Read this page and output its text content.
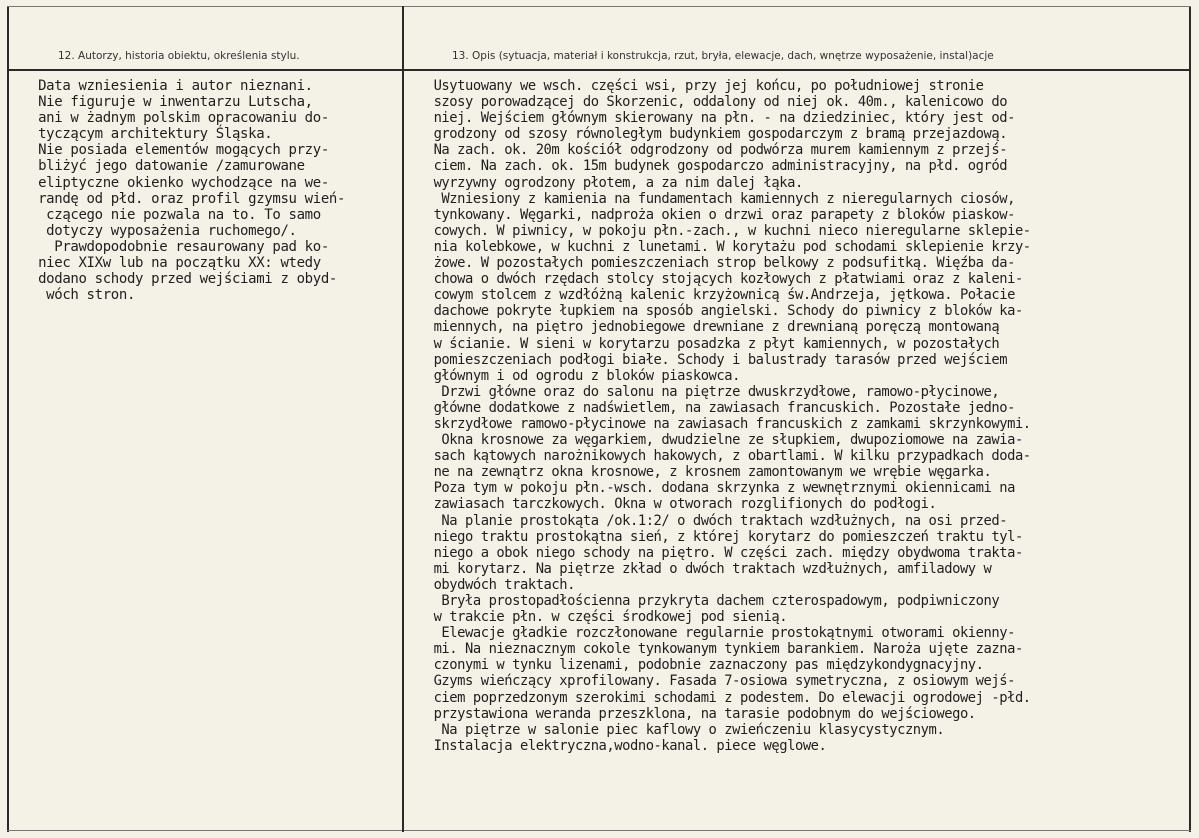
12. Autorzy, historia obiektu, określenia stylu.	13. Opis (sytuacja, materiał i konstrukcja, rzut, bryła, elewacje, dach, wnętrze wyposażenie, instal)acje
Data wzniesienia i autor nieznani.
Nie figuruje w inwentarzu Lutscha,
ani w żadnym polskim opracowaniu do-
tyczącym architektury Śląska.
Nie posiada elementów mogących przy-
bliżyć jego datowanie /zamurowane
eliptyczne okienko wychodzące na we-
randę od płd. oraz profil gzymsu wień-
czącego nie pozwala na to. To samo
dotyczy wyposażenia ruchomego/.
Prawdopodobnie resaurowany pad ko-
niec XIXw lub na początku XX: wtedy
dodano schody przed wejściami z obyd-
wóch stron.
Usytuowany we wsch. części wsi, przy jej końcu, po południowej stronie
szosy porowadzącej do Skorzenic, oddalony od niej ok. 40m., kalenicowo do
niej. Wejściem głównym skierowany na płn. - na dziedziniec, który jest od-
grodzony od szosy równoległym budynkiem gospodarczym z bramą przejazdową.
Na zach. ok. 20m kościół odgrodzony od podwórza murem kamiennym z przejś-
ciem. Na zach. ok. 15m budynek gospodarczo administracyjny, na płd. ogród
wyrzywny ogrodzony płotem, a za nim dalej łąka.
Wzniesiony z kamienia na fundamentach kamiennych z nieregularnych ciosów,
tynkowany. Węgarki, nadproża okien o drzwi oraz parapety z bloków piaskow-
cowych. W piwnicy, w pokoju płn.-zach., w kuchni nieco nieregularne sklepie-
nia kolebkowe, w kuchni z lunetami. W korytażu pod schodami sklepienie krzy-
żowe. W pozostałych pomieszczeniach strop belkowy z podsufitką. Więźba da-
chowa o dwóch rzędach stolcy stojących kozłowych z płatwiami oraz z kaleni-
cowym stolcem z wzdłóżną kalenic krzyżownicą św.Andrzeja, jętkowa. Połacie
dachowe pokryte łupkiem na sposób angielski. Schody do piwnicy z bloków ka-
miennych, na piętro jednobiegowe drewniane z drewnianą poręczą montowaną
w ścianie. W sieni w korytarzu posadzka z płyt kamiennych, w pozostałych
pomieszczeniach podłogi białe. Schody i balustrady tarasów przed wejściem
głównym i od ogrodu z bloków piaskowca.
Drzwi główne oraz do salonu na piętrze dwuskrzydłowe, ramowo-płycinowe,
główne dodatkowe z nadświetlem, na zawiasach francuskich. Pozostałe jedno-
skrzydłowe ramowo-płycinowe na zawiasach francuskich z zamkami skrzynkowymi.
Okna krosnowe za węgarkiem, dwudzielne ze słupkiem, dwupoziomowe na zawia-
sach kątowych narożnikowych hakowych, z obartlami. W kilku przypadkach doda-
ne na zewnątrz okna krosnowe, z krosnem zamontowanym we wrębie węgarka.
Poza tym w pokoju płn.-wsch. dodana skrzynka z wewnętrznymi okiennicami na
zawiasach tarczkowych. Okna w otworach rozglifionych do podłogi.
Na planie prostokąta /ok.1:2/ o dwóch traktach wzdłużnych, na osi przed-
niego traktu prostokątna sień, z której korytarz do pomieszczeń traktu tyl-
niego a obok niego schody na piętro. W części zach. między obydwoma trakta-
mi korytarz. Na piętrze zkład o dwóch traktach wzdłużnych, amfiladowy w
obydwóch traktach.
Bryła prostopadłościenna przykryta dachem czterospadowym, podpiwniczony
w trakcie płn. w części środkowej pod sienią.
Elewacje gładkie rozczłonowane regularnie prostokątnymi otworami okienny-
mi. Na nieznacznym cokole tynkowanym tynkiem barankiem. Naroża ujęte zazna-
czonymi w tynku lizenami, podobnie zaznaczony pas międzykondygnacyjny.
Gzyms wieńczący xprofilowany. Fasada 7-osiowa symetryczna, z osiowym wejś-
ciem poprzedzonym szerokimi schodami z podestem. Do elewacji ogrodowej -płd.
przystawiona weranda przeszklona, na tarasie podobnym do wejściowego.
Na piętrze w salonie piec kaflowy o zwieńczeniu klasycystycznym.
Instalacja elektryczna,wodno-kanal. piece węglowe.
